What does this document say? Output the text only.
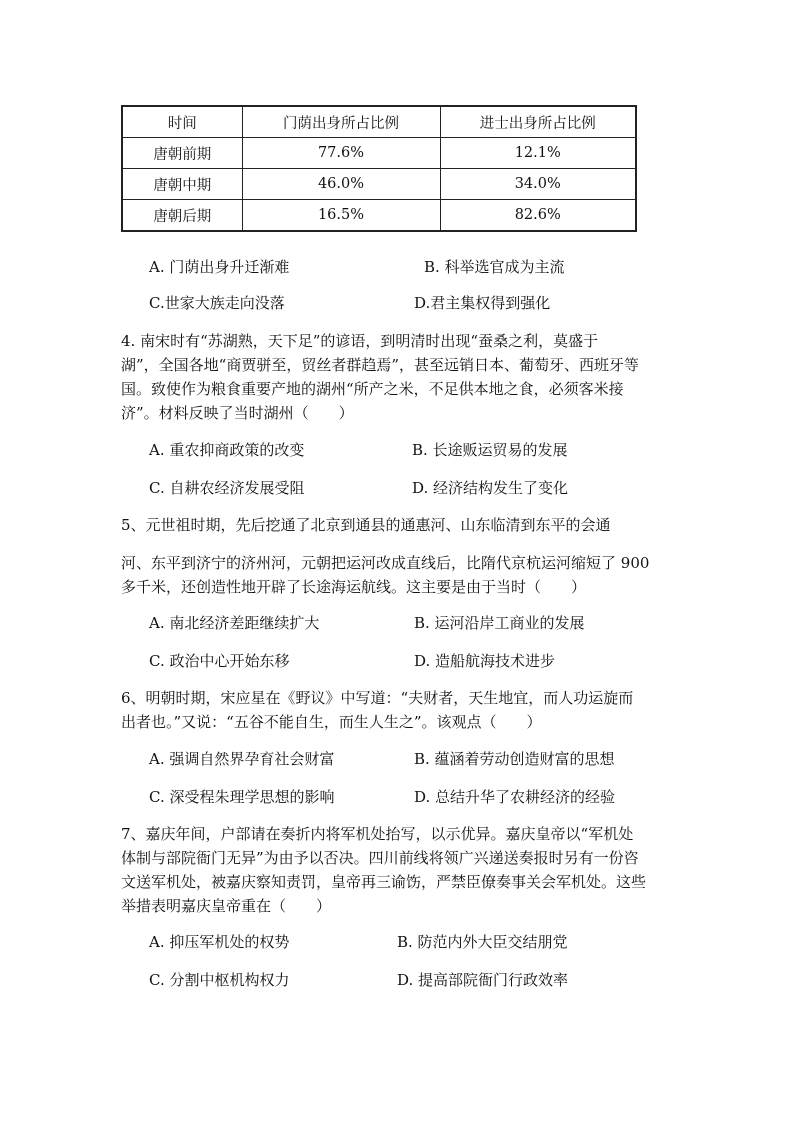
时间	门荫出身所占比例	进士出身所占比例
唐朝前期	77.6%	12.1%
唐朝中期	46.0%	34.0%
唐朝后期	16.5%	82.6%
A. 门荫出身升迁渐难	B. 科举选官成为主流
C.世家大族走向没落	D.君主集权得到强化
4. 南宋时有“苏湖熟，天下足”的谚语，到明清时出现“蚕桑之利，莫盛于
湖”，全国各地“商贾骈至，贸丝者群趋焉”，甚至远销日本、葡萄牙、西班牙等
国。致使作为粮食重要产地的湖州“所产之米，不足供本地之食，必须客米接
济”。材料反映了当时湖州（　　）
A. 重农抑商政策的改变	B. 长途贩运贸易的发展
C. 自耕农经济发展受阻	D. 经济结构发生了变化
5、元世祖时期，先后挖通了北京到通县的通惠河、山东临清到东平的会通
河、东平到济宁的济州河，元朝把运河改成直线后，比隋代京杭运河缩短了 900
多千米，还创造性地开辟了长途海运航线。这主要是由于当时（　　）
A. 南北经济差距继续扩大	B. 运河沿岸工商业的发展
C. 政治中心开始东移	D. 造船航海技术进步
6、明朝时期，宋应星在《野议》中写道：“夫财者，天生地宜，而人功运旋而
出者也。”又说：“五谷不能自生，而生人生之”。该观点（　　）
A. 强调自然界孕育社会财富	B. 蕴涵着劳动创造财富的思想
C. 深受程朱理学思想的影响	D. 总结升华了农耕经济的经验
7、嘉庆年间，户部请在奏折内将军机处抬写，以示优异。嘉庆皇帝以“军机处
体制与部院衙门无异”为由予以否决。四川前线将领广兴递送奏报时另有一份咨
文送军机处，被嘉庆察知责罚，皇帝再三谕饬，严禁臣僚奏事关会军机处。这些
举措表明嘉庆皇帝重在（　　）
A. 抑压军机处的权势	B. 防范内外大臣交结朋党
C. 分割中枢机构权力	D. 提高部院衙门行政效率
